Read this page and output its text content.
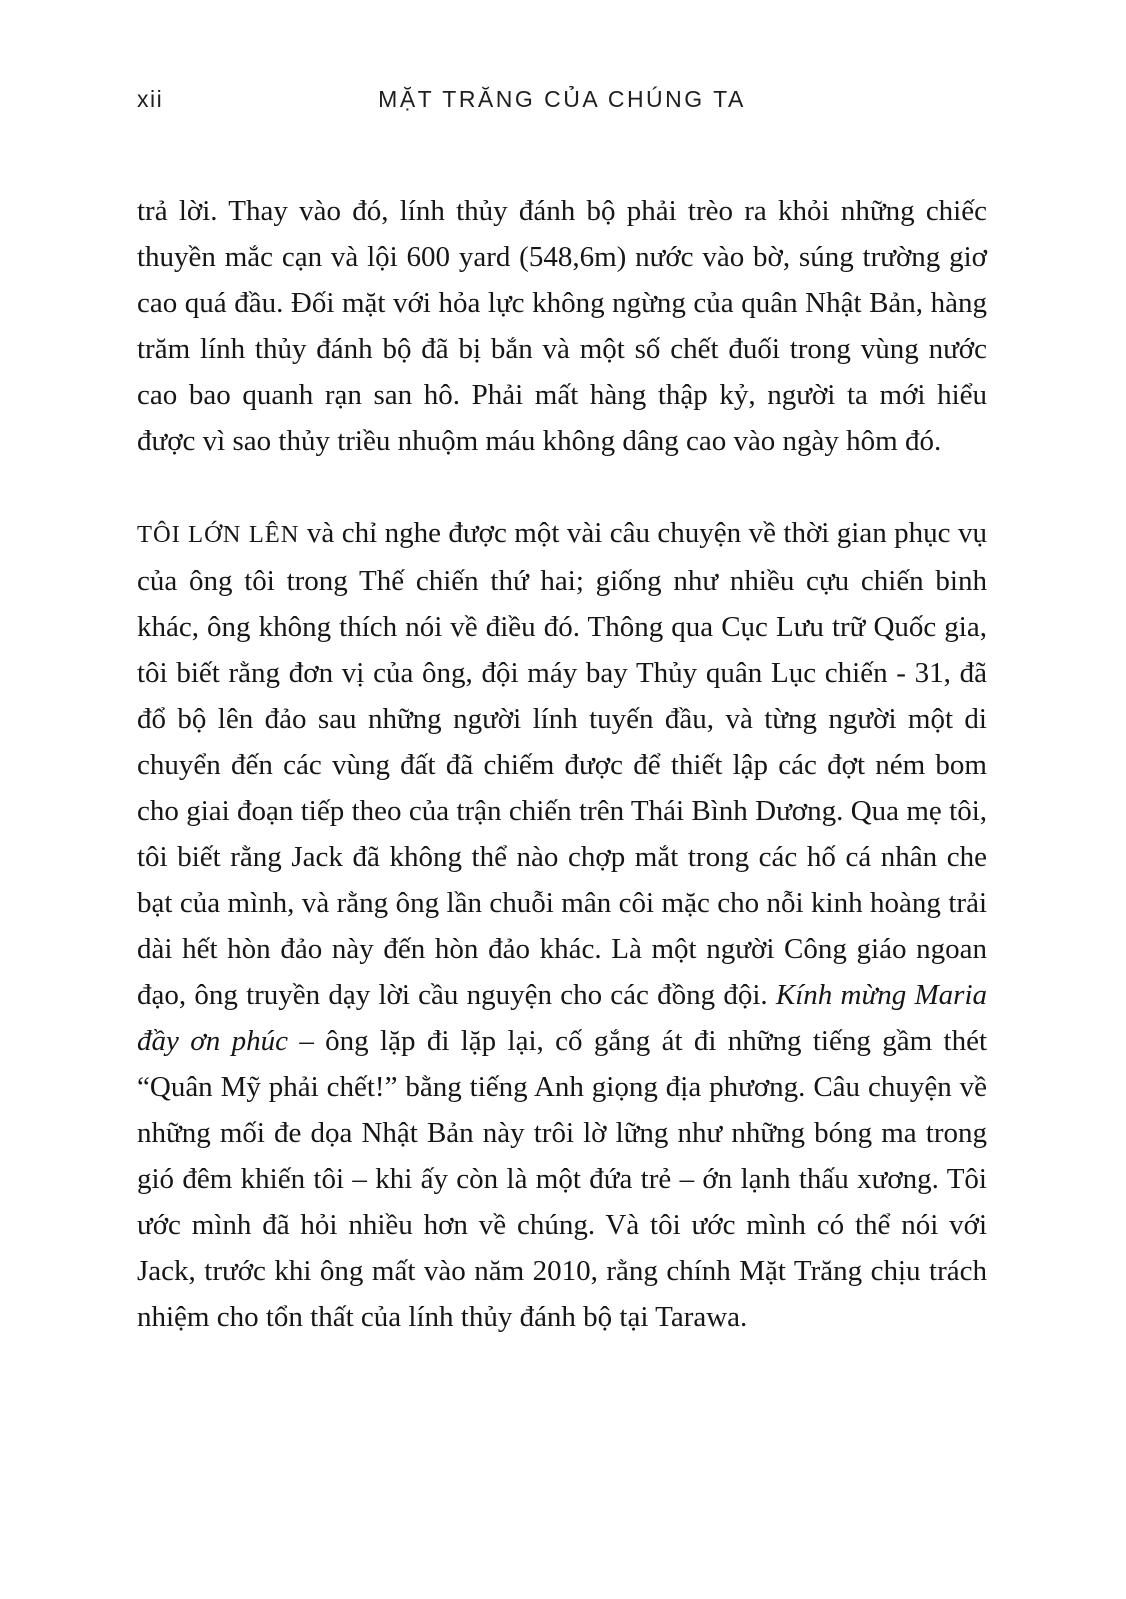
xii	MẶT TRĂNG CỦA CHÚNG TA

trả lời. Thay vào đó, lính thủy đánh bộ phải trèo ra khỏi những chiếc thuyền mắc cạn và lội 600 yard (548,6m) nước vào bờ, súng trường giơ cao quá đầu. Đối mặt với hỏa lực không ngừng của quân Nhật Bản, hàng trăm lính thủy đánh bộ đã bị bắn và một số chết đuối trong vùng nước cao bao quanh rạn san hô. Phải mất hàng thập kỷ, người ta mới hiểu được vì sao thủy triều nhuộm máu không dâng cao vào ngày hôm đó.

TÔI LỚN LÊN và chỉ nghe được một vài câu chuyện về thời gian phục vụ của ông tôi trong Thế chiến thứ hai; giống như nhiều cựu chiến binh khác, ông không thích nói về điều đó. Thông qua Cục Lưu trữ Quốc gia, tôi biết rằng đơn vị của ông, đội máy bay Thủy quân Lục chiến - 31, đã đổ bộ lên đảo sau những người lính tuyến đầu, và từng người một di chuyển đến các vùng đất đã chiếm được để thiết lập các đợt ném bom cho giai đoạn tiếp theo của trận chiến trên Thái Bình Dương. Qua mẹ tôi, tôi biết rằng Jack đã không thể nào chợp mắt trong các hố cá nhân che bạt của mình, và rằng ông lần chuỗi mân côi mặc cho nỗi kinh hoàng trải dài hết hòn đảo này đến hòn đảo khác. Là một người Công giáo ngoan đạo, ông truyền dạy lời cầu nguyện cho các đồng đội. Kính mừng Maria đầy ơn phúc – ông lặp đi lặp lại, cố gắng át đi những tiếng gầm thét “Quân Mỹ phải chết!” bằng tiếng Anh giọng địa phương. Câu chuyện về những mối đe dọa Nhật Bản này trôi lờ lững như những bóng ma trong gió đêm khiến tôi – khi ấy còn là một đứa trẻ – ớn lạnh thấu xương. Tôi ước mình đã hỏi nhiều hơn về chúng. Và tôi ước mình có thể nói với Jack, trước khi ông mất vào năm 2010, rằng chính Mặt Trăng chịu trách nhiệm cho tổn thất của lính thủy đánh bộ tại Tarawa.
